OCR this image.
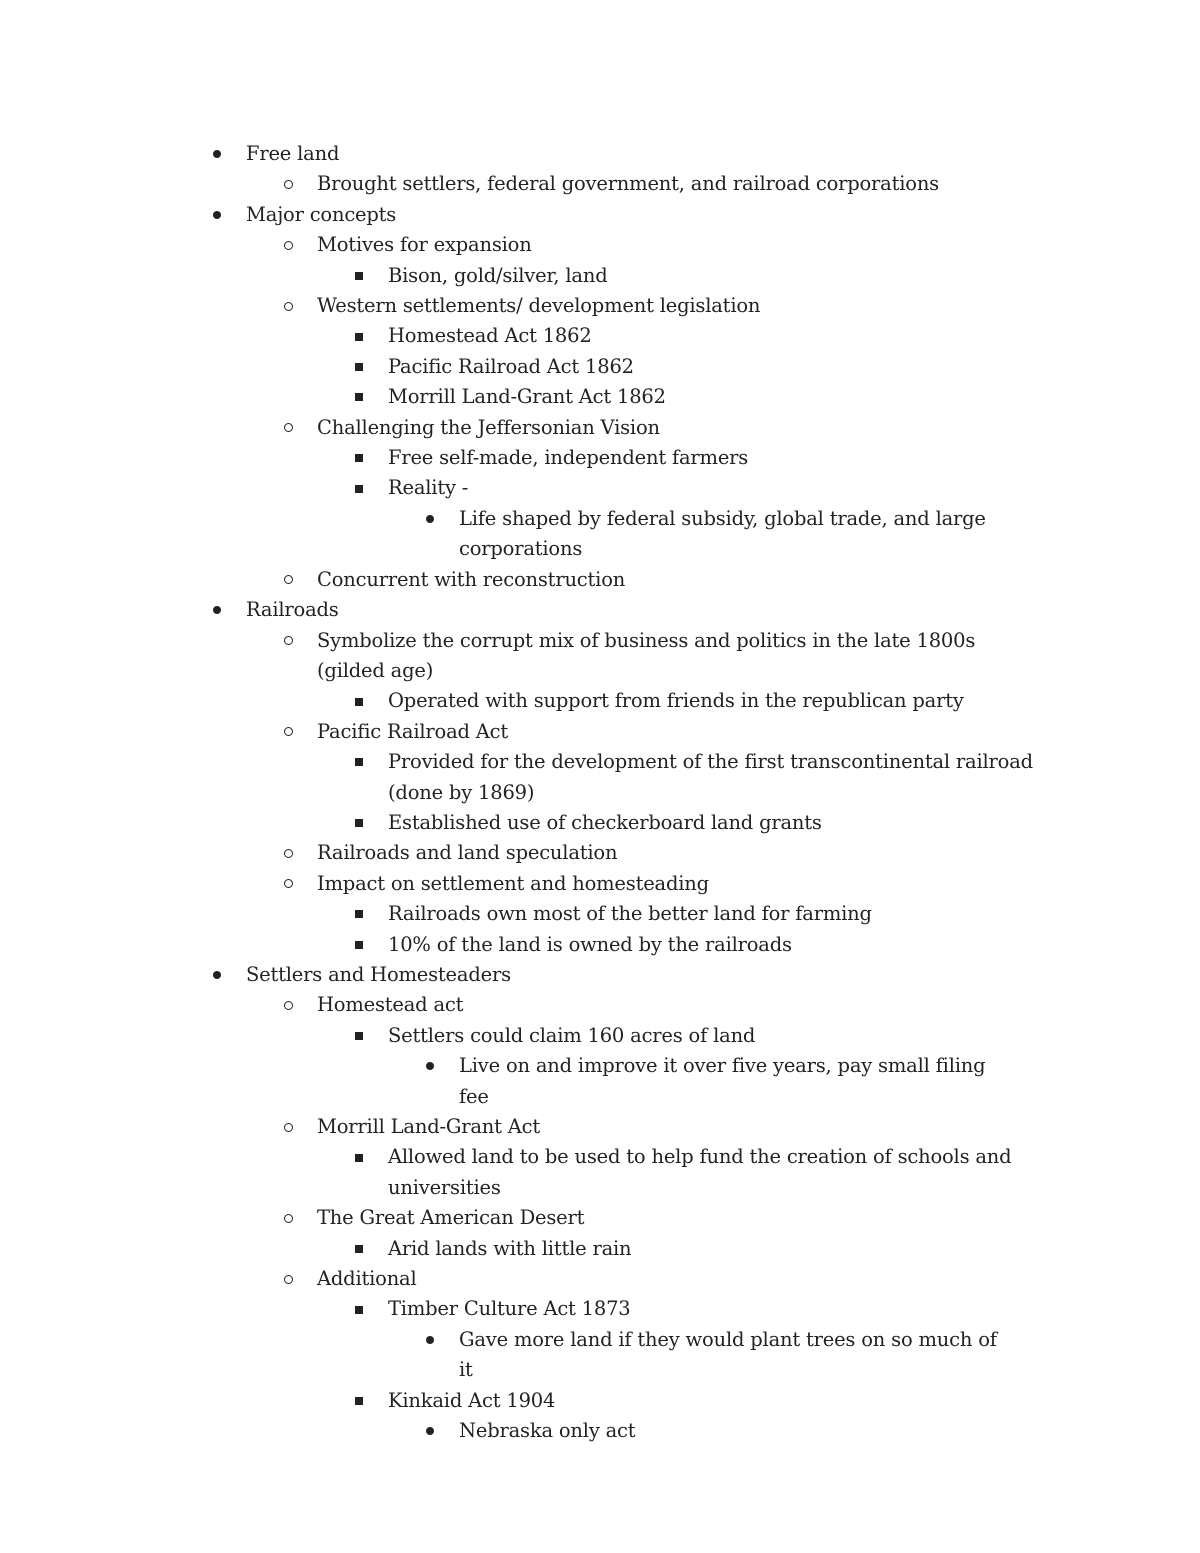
Free land
Brought settlers, federal government, and railroad corporations
Major concepts
Motives for expansion
Bison, gold/silver, land
Western settlements/ development legislation
Homestead Act 1862
Pacific Railroad Act 1862
Morrill Land-Grant Act 1862
Challenging the Jeffersonian Vision
Free self-made, independent farmers
Reality -
Life shaped by federal subsidy, global trade, and large corporations
Concurrent with reconstruction
Railroads
Symbolize the corrupt mix of business and politics in the late 1800s (gilded age)
Operated with support from friends in the republican party
Pacific Railroad Act
Provided for the development of the first transcontinental railroad (done by 1869)
Established use of checkerboard land grants
Railroads and land speculation
Impact on settlement and homesteading
Railroads own most of the better land for farming
10% of the land is owned by the railroads
Settlers and Homesteaders
Homestead act
Settlers could claim 160 acres of land
Live on and improve it over five years, pay small filing fee
Morrill Land-Grant Act
Allowed land to be used to help fund the creation of schools and universities
The Great American Desert
Arid lands with little rain
Additional
Timber Culture Act 1873
Gave more land if they would plant trees on so much of it
Kinkaid Act 1904
Nebraska only act
